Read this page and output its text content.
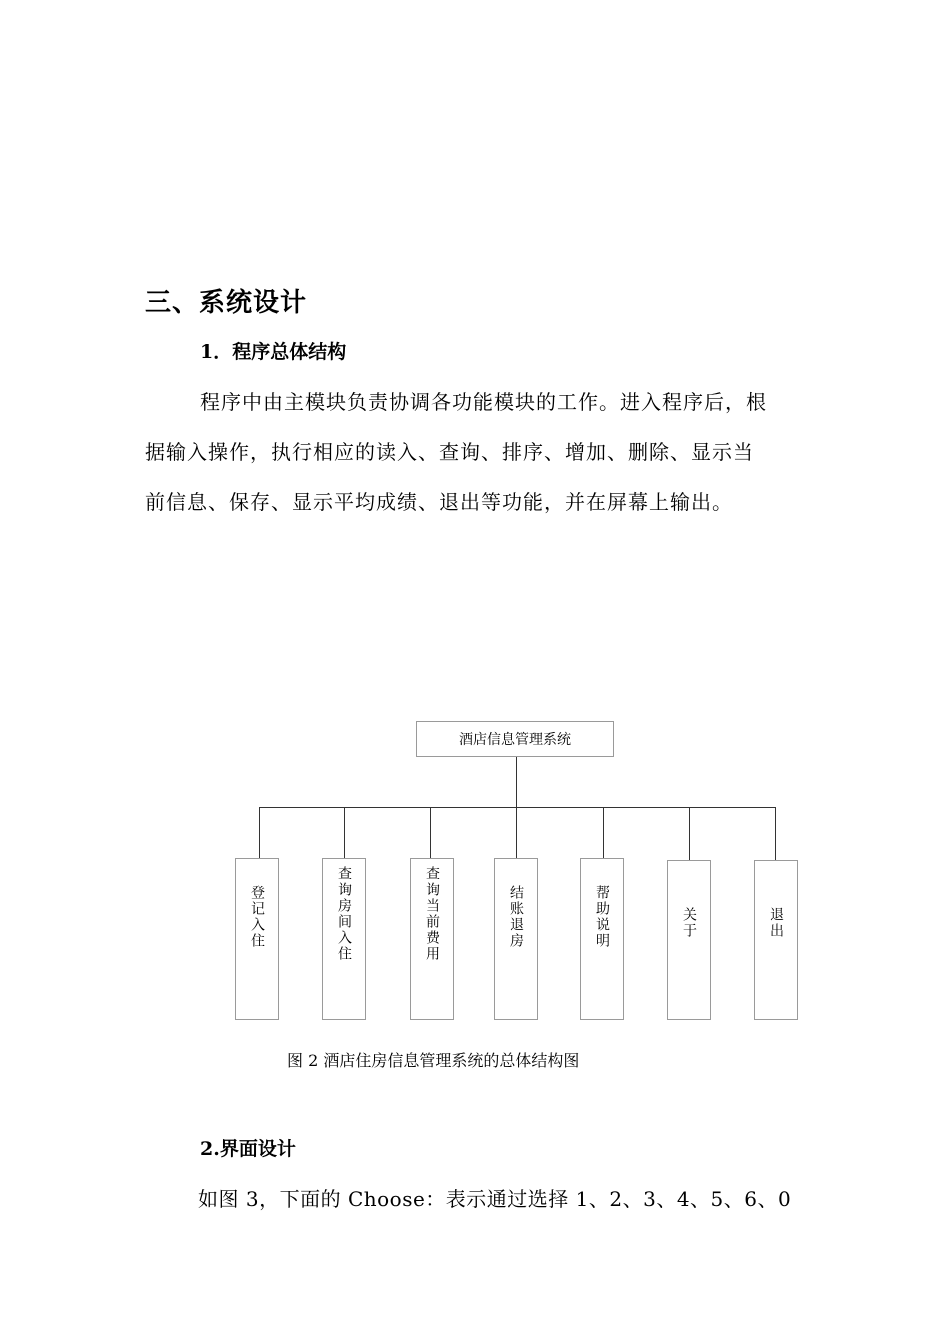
三、系统设计
1．程序总体结构
程序中由主模块负责协调各功能模块的工作。进入程序后，根
据输入操作，执行相应的读入、查询、排序、增加、删除、显示当
前信息、保存、显示平均成绩、退出等功能，并在屏幕上输出。
酒店信息管理系统
登记入住	查询房间入住	查询当前费用	结账退房	帮助说明	关于	退出
图 2 酒店住房信息管理系统的总体结构图
2.界面设计
如图 3，下面的 Choose：表示通过选择 1、2、3、4、5、6、0
